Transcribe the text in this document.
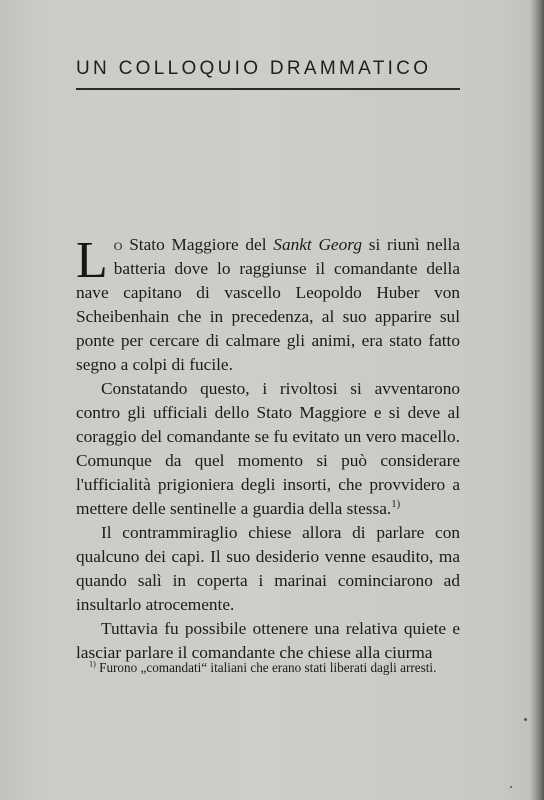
UN COLLOQUIO DRAMMATICO

Lo Stato Maggiore del Sankt Georg si riunì nella batteria dove lo raggiunse il comandante della nave capitano di vascello Leopoldo Huber von Scheibenhain che in precedenza, al suo apparire sul ponte per cercare di calmare gli animi, era stato fatto segno a colpi di fucile.

Constatando questo, i rivoltosi si avventarono contro gli ufficiali dello Stato Maggiore e si deve al coraggio del comandante se fu evitato un vero macello. Comunque da quel momento si può considerare l'ufficialità prigioniera degli insorti, che provvidero a mettere delle sentinelle a guardia della stessa.$^{1)}$

Il contrammiraglio chiese allora di parlare con qualcuno dei capi. Il suo desiderio venne esaudito, ma quando salì in coperta i marinai cominciarono ad insultarlo atrocemente.

Tuttavia fu possibile ottenere una relativa quiete e lasciar parlare il comandante che chiese alla ciurma

$^{1)}$ Furono „comandati“ italiani che erano stati liberati dagli arresti.
